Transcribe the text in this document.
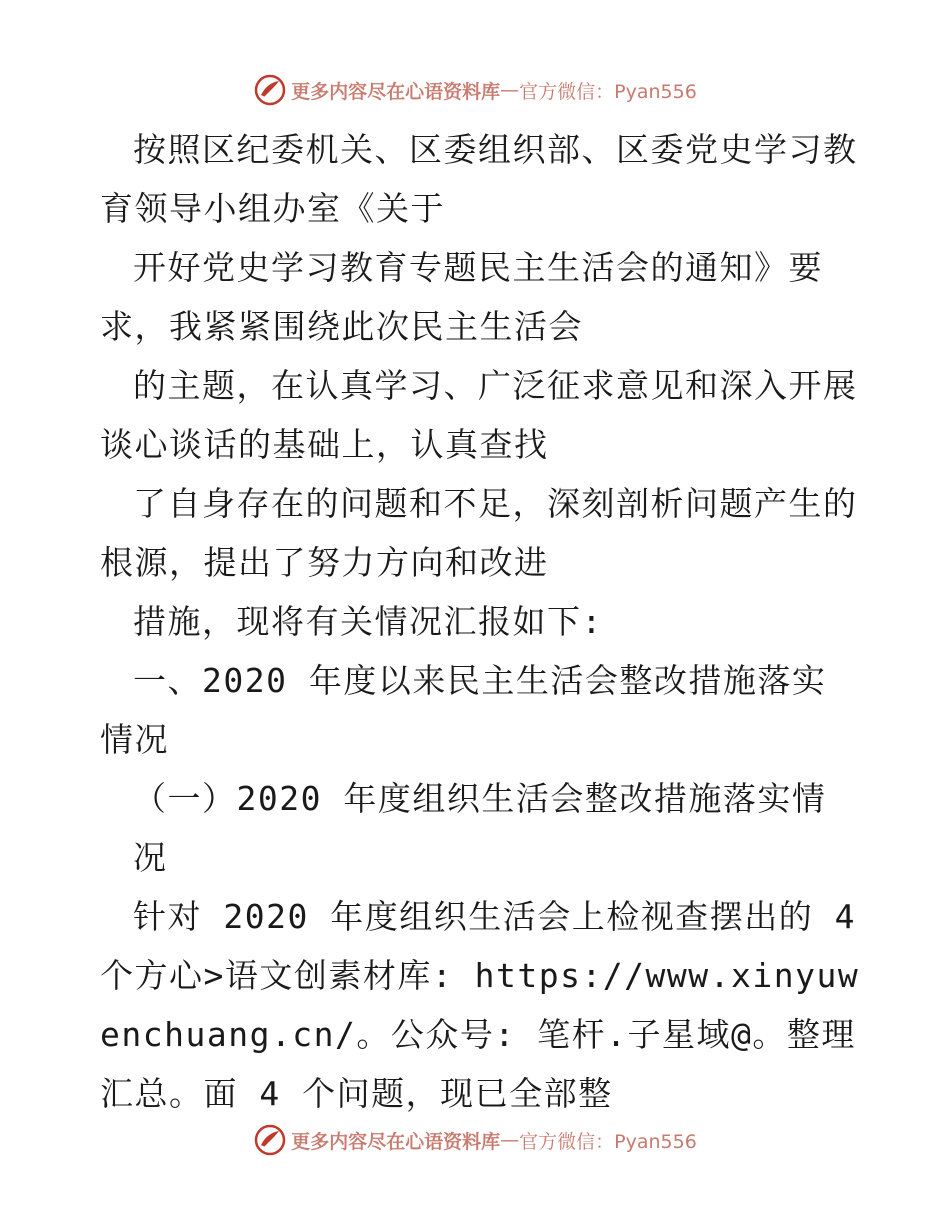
更多内容尽在心语资料库 — 官方微信：Pyan556

按照区纪委机关、区委组织部、区委党史学习教育领导小组办室《关于

开好党史学习教育专题民主生活会的通知》要求，我紧紧围绕此次民主生活会

的主题，在认真学习、广泛征求意见和深入开展谈心谈话的基础上，认真查找

了自身存在的问题和不足，深刻剖析问题产生的根源，提出了努力方向和改进

措施，现将有关情况汇报如下:

一、2020 年度以来民主生活会整改措施落实情况

（一）2020 年度组织生活会整改措施落实情况

针对 2020 年度组织生活会上检视查摆出的 4 个方心>语文创素材库: https://www.xinyuwenchuang.cn/。公众号: 笔杆.子星域@。整理汇总。面 4 个问题，现已全部整

更多内容尽在心语资料库 — 官方微信：Pyan556
